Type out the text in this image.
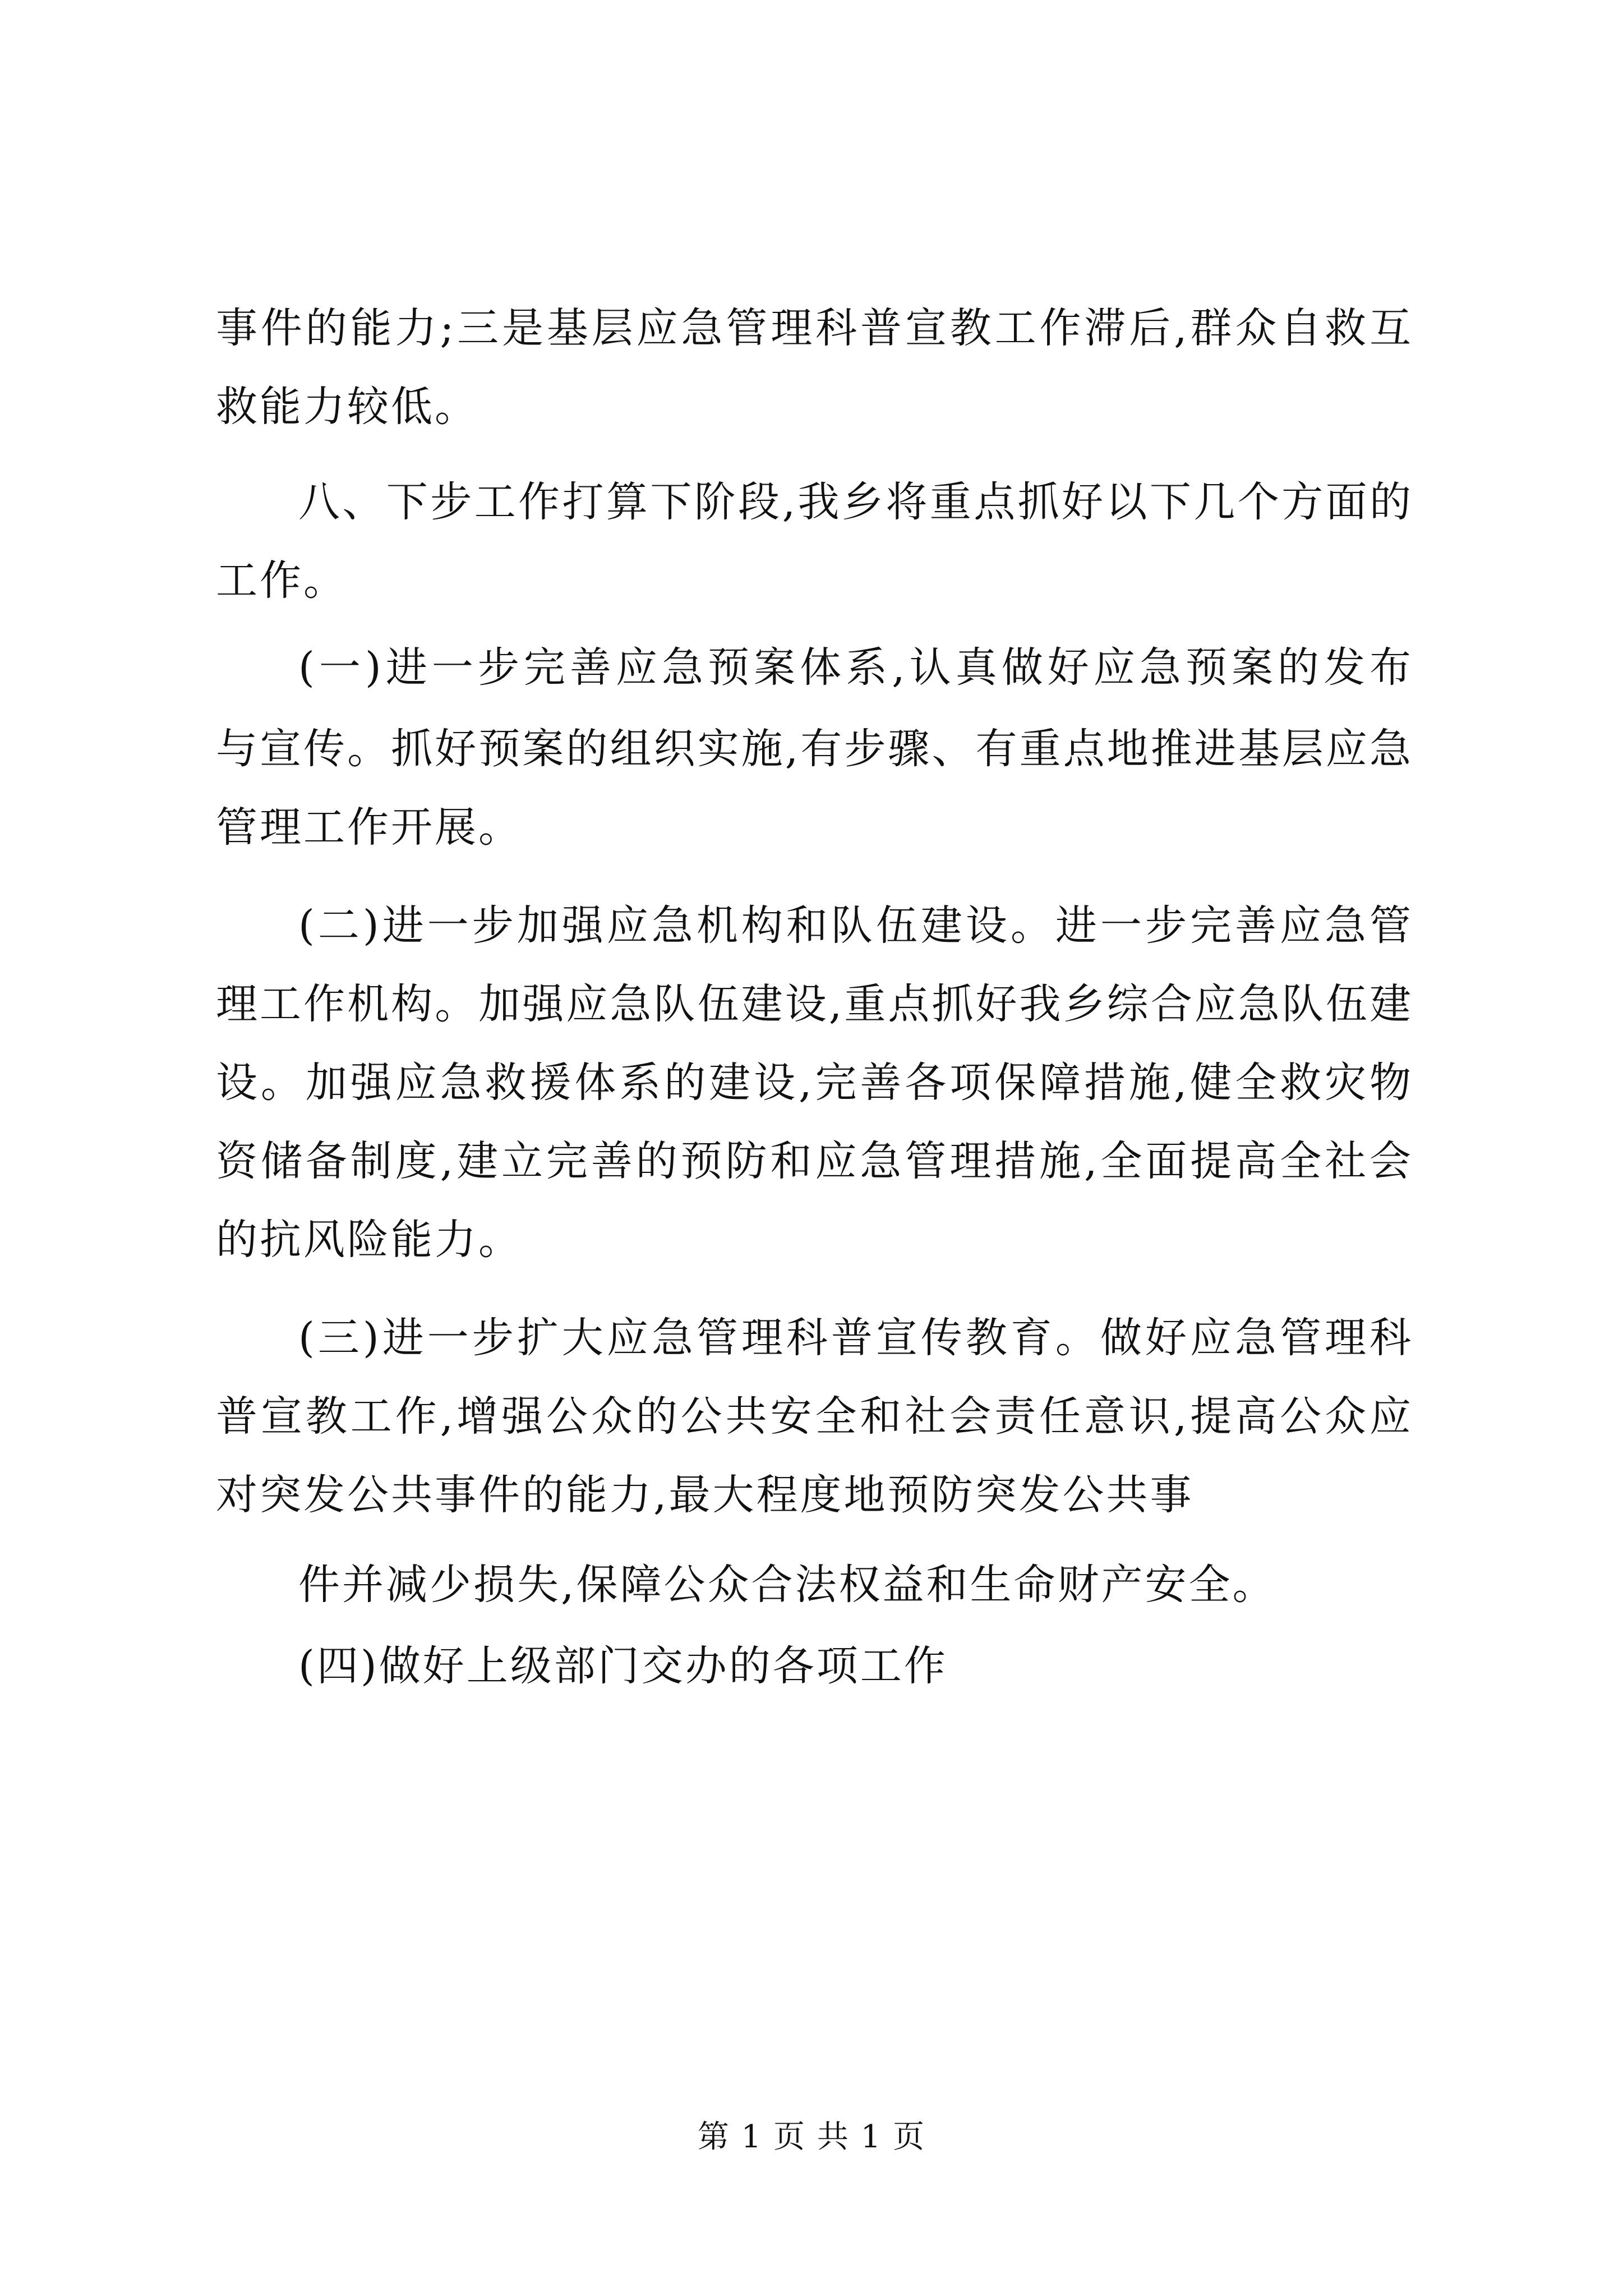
事件的能力;三是基层应急管理科普宣教工作滞后,群众自救互
救能力较低。
八、下步工作打算下阶段,我乡将重点抓好以下几个方面的
工作。
(一)进一步完善应急预案体系,认真做好应急预案的发布
与宣传。抓好预案的组织实施,有步骤、有重点地推进基层应急
管理工作开展。
(二)进一步加强应急机构和队伍建设。进一步完善应急管
理工作机构。加强应急队伍建设,重点抓好我乡综合应急队伍建
设。加强应急救援体系的建设,完善各项保障措施,健全救灾物
资储备制度,建立完善的预防和应急管理措施,全面提高全社会
的抗风险能力。
(三)进一步扩大应急管理科普宣传教育。做好应急管理科
普宣教工作,增强公众的公共安全和社会责任意识,提高公众应
对突发公共事件的能力,最大程度地预防突发公共事
件并减少损失,保障公众合法权益和生命财产安全。
(四)做好上级部门交办的各项工作
第 1 页 共 1 页
